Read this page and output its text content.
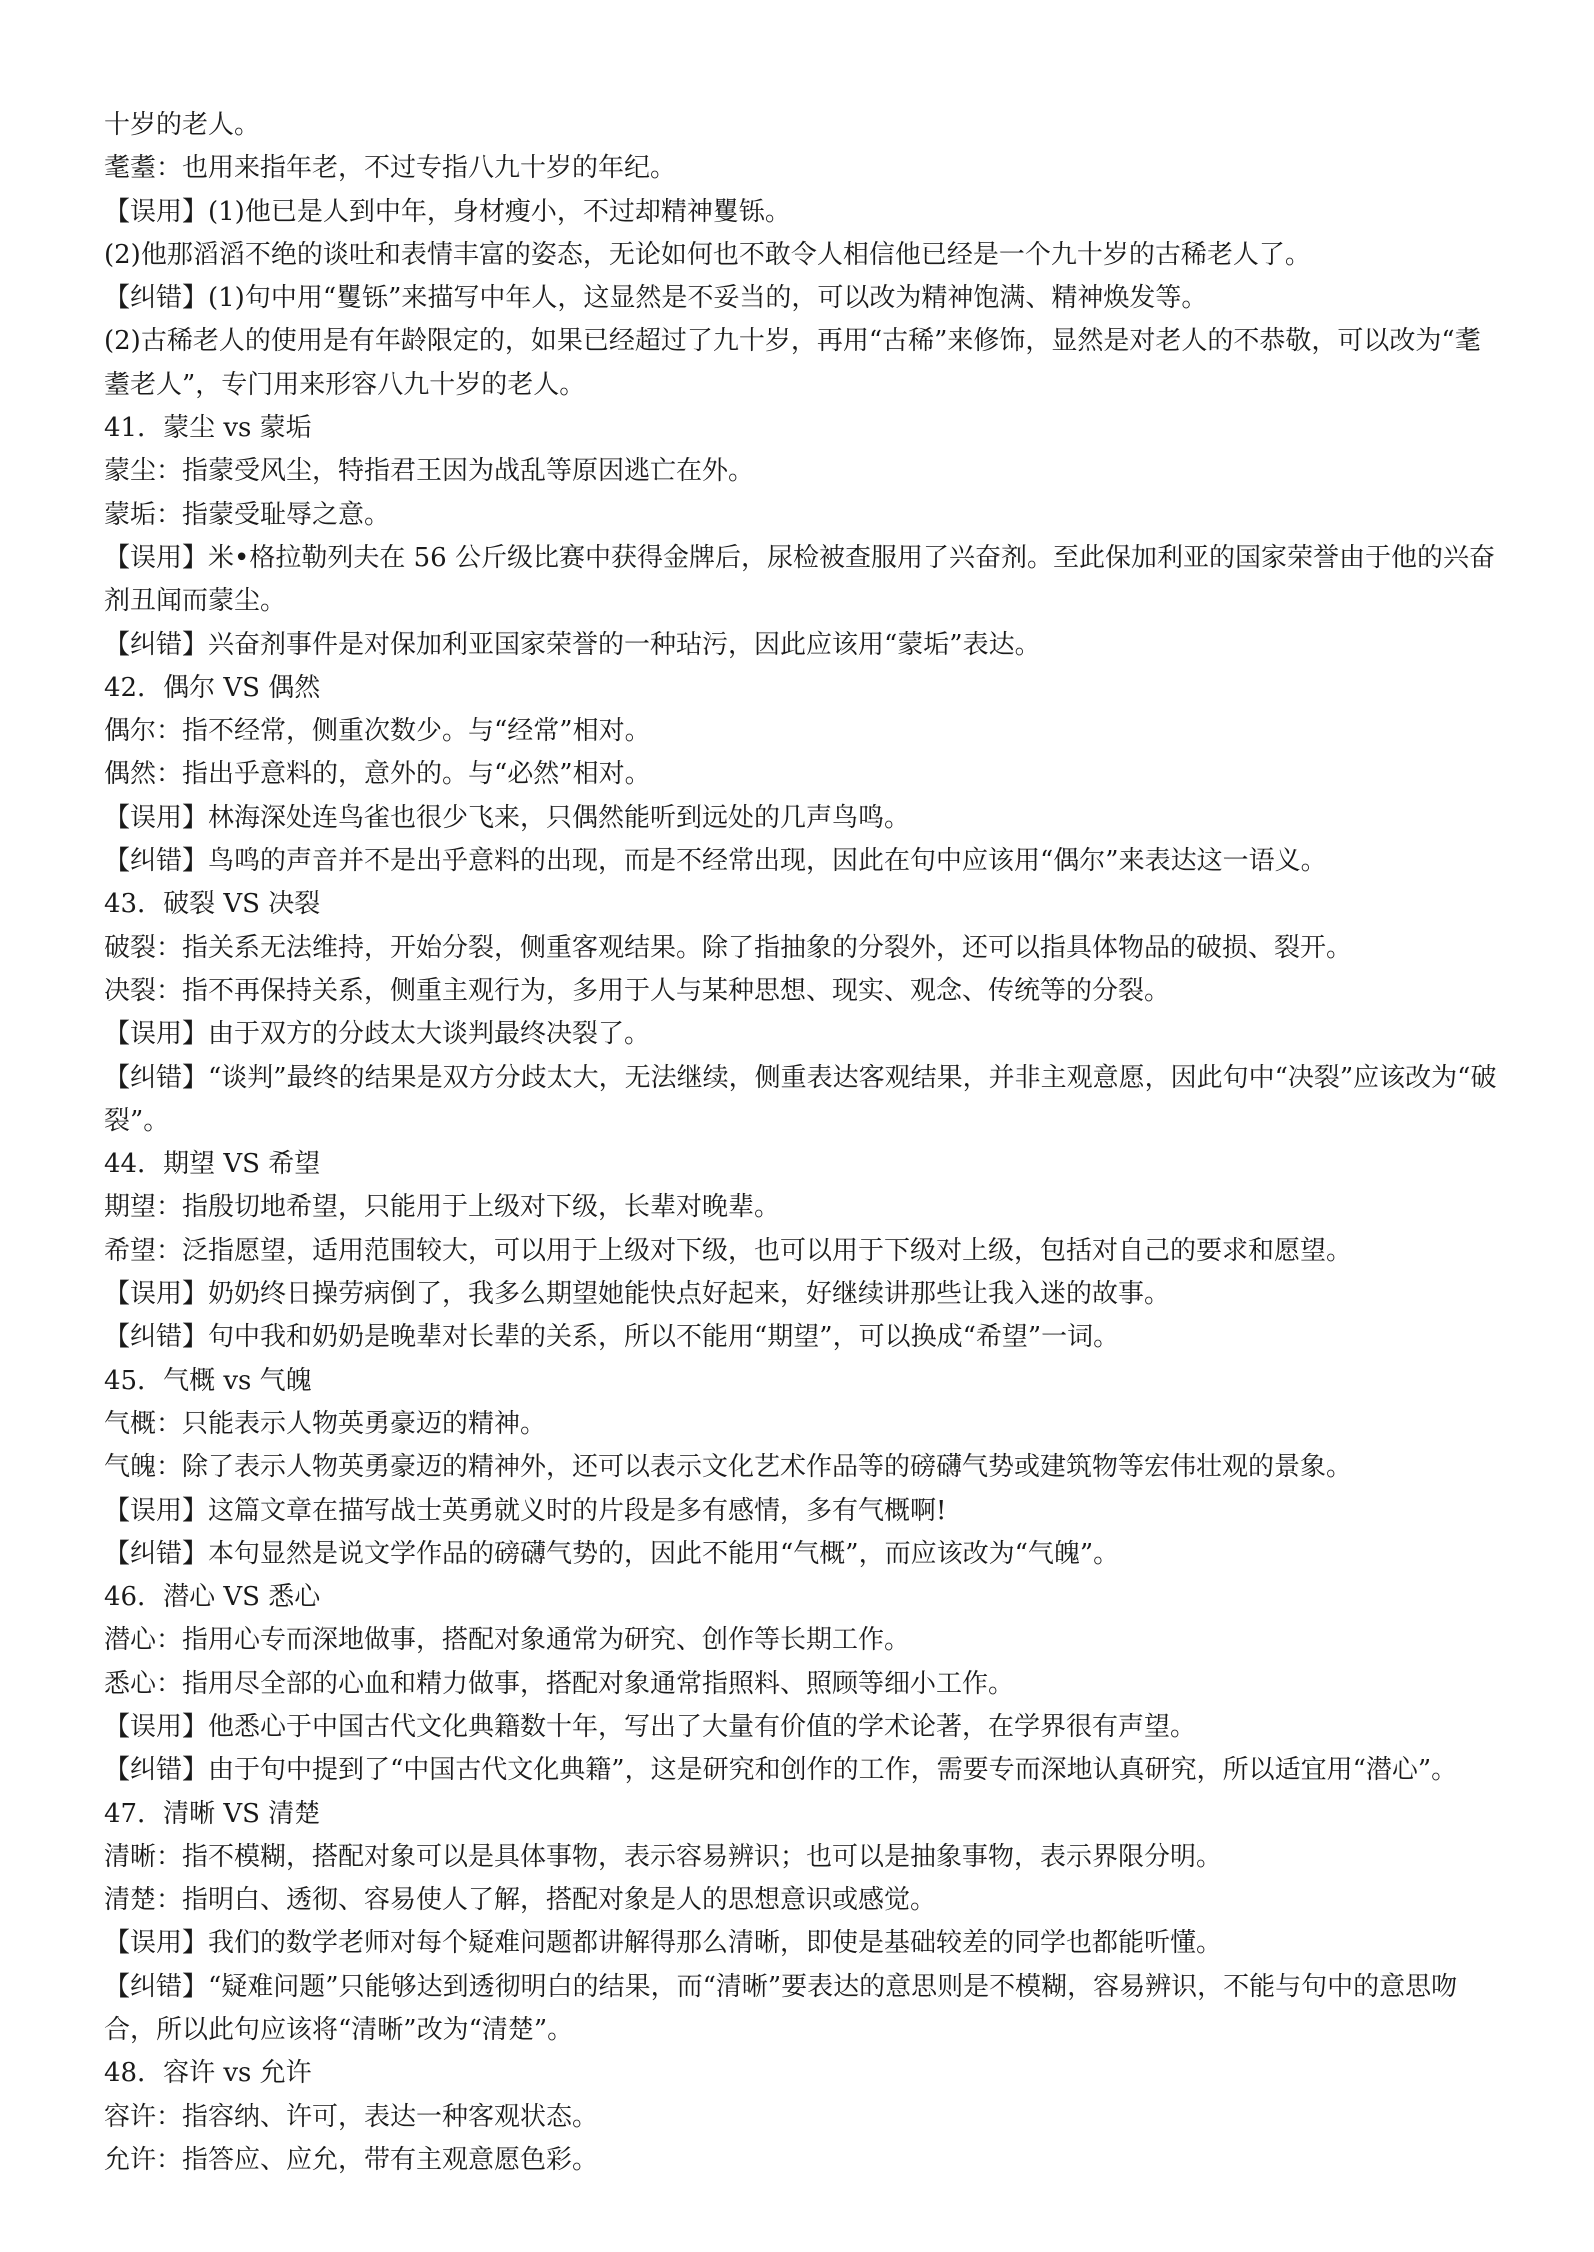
十岁的老人。

耄耋：也用来指年老，不过专指八九十岁的年纪。

【误用】(1)他已是人到中年，身材瘦小，不过却精神矍铄。

(2)他那滔滔不绝的谈吐和表情丰富的姿态，无论如何也不敢令人相信他已经是一个九十岁的古稀老人了。

【纠错】(1)句中用“矍铄”来描写中年人，这显然是不妥当的，可以改为精神饱满、精神焕发等。

(2)古稀老人的使用是有年龄限定的，如果已经超过了九十岁，再用“古稀”来修饰，显然是对老人的不恭敬，可以改为“耄耋老人”，专门用来形容八九十岁的老人。

41．蒙尘 vs 蒙垢

蒙尘：指蒙受风尘，特指君王因为战乱等原因逃亡在外。

蒙垢：指蒙受耻辱之意。

【误用】米•格拉勒列夫在 56 公斤级比赛中获得金牌后，尿检被查服用了兴奋剂。至此保加利亚的国家荣誉由于他的兴奋剂丑闻而蒙尘。

【纠错】兴奋剂事件是对保加利亚国家荣誉的一种玷污，因此应该用“蒙垢”表达。

42．偶尔 VS 偶然

偶尔：指不经常，侧重次数少。与“经常”相对。

偶然：指出乎意料的，意外的。与“必然”相对。

【误用】林海深处连鸟雀也很少飞来，只偶然能听到远处的几声鸟鸣。

【纠错】鸟鸣的声音并不是出乎意料的出现，而是不经常出现，因此在句中应该用“偶尔”来表达这一语义。

43．破裂 VS 决裂

破裂：指关系无法维持，开始分裂，侧重客观结果。除了指抽象的分裂外，还可以指具体物品的破损、裂开。

决裂：指不再保持关系，侧重主观行为，多用于人与某种思想、现实、观念、传统等的分裂。

【误用】由于双方的分歧太大谈判最终决裂了。

【纠错】“谈判”最终的结果是双方分歧太大，无法继续，侧重表达客观结果，并非主观意愿，因此句中“决裂”应该改为“破裂”。

44．期望 VS 希望

期望：指殷切地希望，只能用于上级对下级，长辈对晚辈。

希望：泛指愿望，适用范围较大，可以用于上级对下级，也可以用于下级对上级，包括对自己的要求和愿望。

【误用】奶奶终日操劳病倒了，我多么期望她能快点好起来，好继续讲那些让我入迷的故事。

【纠错】句中我和奶奶是晚辈对长辈的关系，所以不能用“期望”，可以换成“希望”一词。

45．气概 vs 气魄

气概：只能表示人物英勇豪迈的精神。

气魄：除了表示人物英勇豪迈的精神外，还可以表示文化艺术作品等的磅礴气势或建筑物等宏伟壮观的景象。

【误用】这篇文章在描写战士英勇就义时的片段是多有感情，多有气概啊!

【纠错】本句显然是说文学作品的磅礴气势的，因此不能用“气概”，而应该改为“气魄”。

46．潜心 VS 悉心

潜心：指用心专而深地做事，搭配对象通常为研究、创作等长期工作。

悉心：指用尽全部的心血和精力做事，搭配对象通常指照料、照顾等细小工作。

【误用】他悉心于中国古代文化典籍数十年，写出了大量有价值的学术论著，在学界很有声望。

【纠错】由于句中提到了“中国古代文化典籍”，这是研究和创作的工作，需要专而深地认真研究，所以适宜用“潜心”。

47．清晰 VS 清楚

清晰：指不模糊，搭配对象可以是具体事物，表示容易辨识；也可以是抽象事物，表示界限分明。

清楚：指明白、透彻、容易使人了解，搭配对象是人的思想意识或感觉。

【误用】我们的数学老师对每个疑难问题都讲解得那么清晰，即使是基础较差的同学也都能听懂。

【纠错】“疑难问题”只能够达到透彻明白的结果，而“清晰”要表达的意思则是不模糊，容易辨识，不能与句中的意思吻合，所以此句应该将“清晰”改为“清楚”。

48．容许 vs 允许

容许：指容纳、许可，表达一种客观状态。

允许：指答应、应允，带有主观意愿色彩。
